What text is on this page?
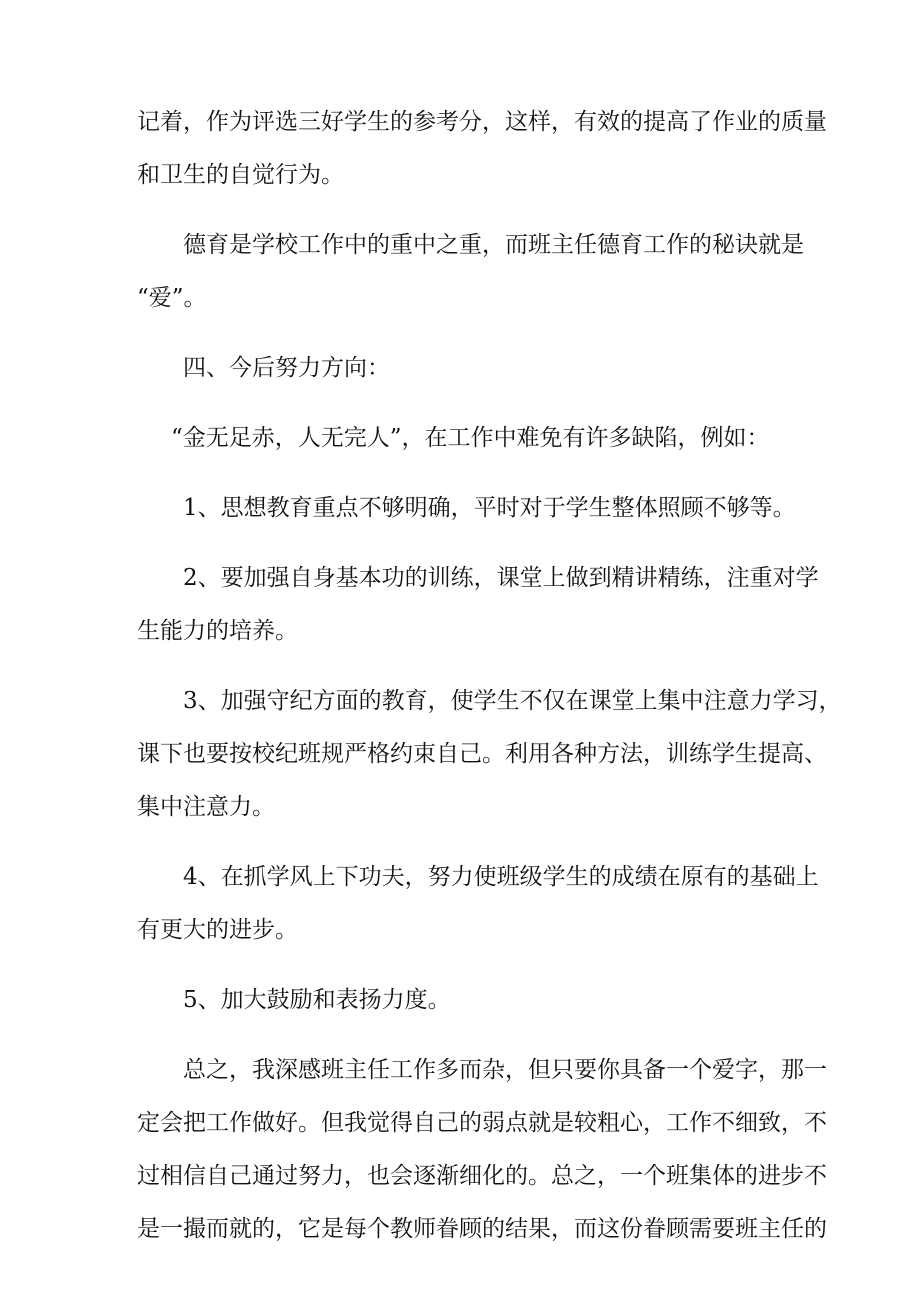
记着，作为评选三好学生的参考分，这样，有效的提高了作业的质量
和卫生的自觉行为。

德育是学校工作中的重中之重，而班主任德育工作的秘诀就是
“爱”。

四、今后努力方向：

“金无足赤，人无完人”，在工作中难免有许多缺陷，例如：

1、思想教育重点不够明确，平时对于学生整体照顾不够等。

2、要加强自身基本功的训练，课堂上做到精讲精练，注重对学
生能力的培养。

3、加强守纪方面的教育，使学生不仅在课堂上集中注意力学习，
课下也要按校纪班规严格约束自己。利用各种方法，训练学生提高、
集中注意力。

4、在抓学风上下功夫，努力使班级学生的成绩在原有的基础上
有更大的进步。

5、加大鼓励和表扬力度。

总之，我深感班主任工作多而杂，但只要你具备一个爱字，那一
定会把工作做好。但我觉得自己的弱点就是较粗心，工作不细致，不
过相信自己通过努力，也会逐渐细化的。总之，一个班集体的进步不
是一撮而就的，它是每个教师眷顾的结果，而这份眷顾需要班主任的
